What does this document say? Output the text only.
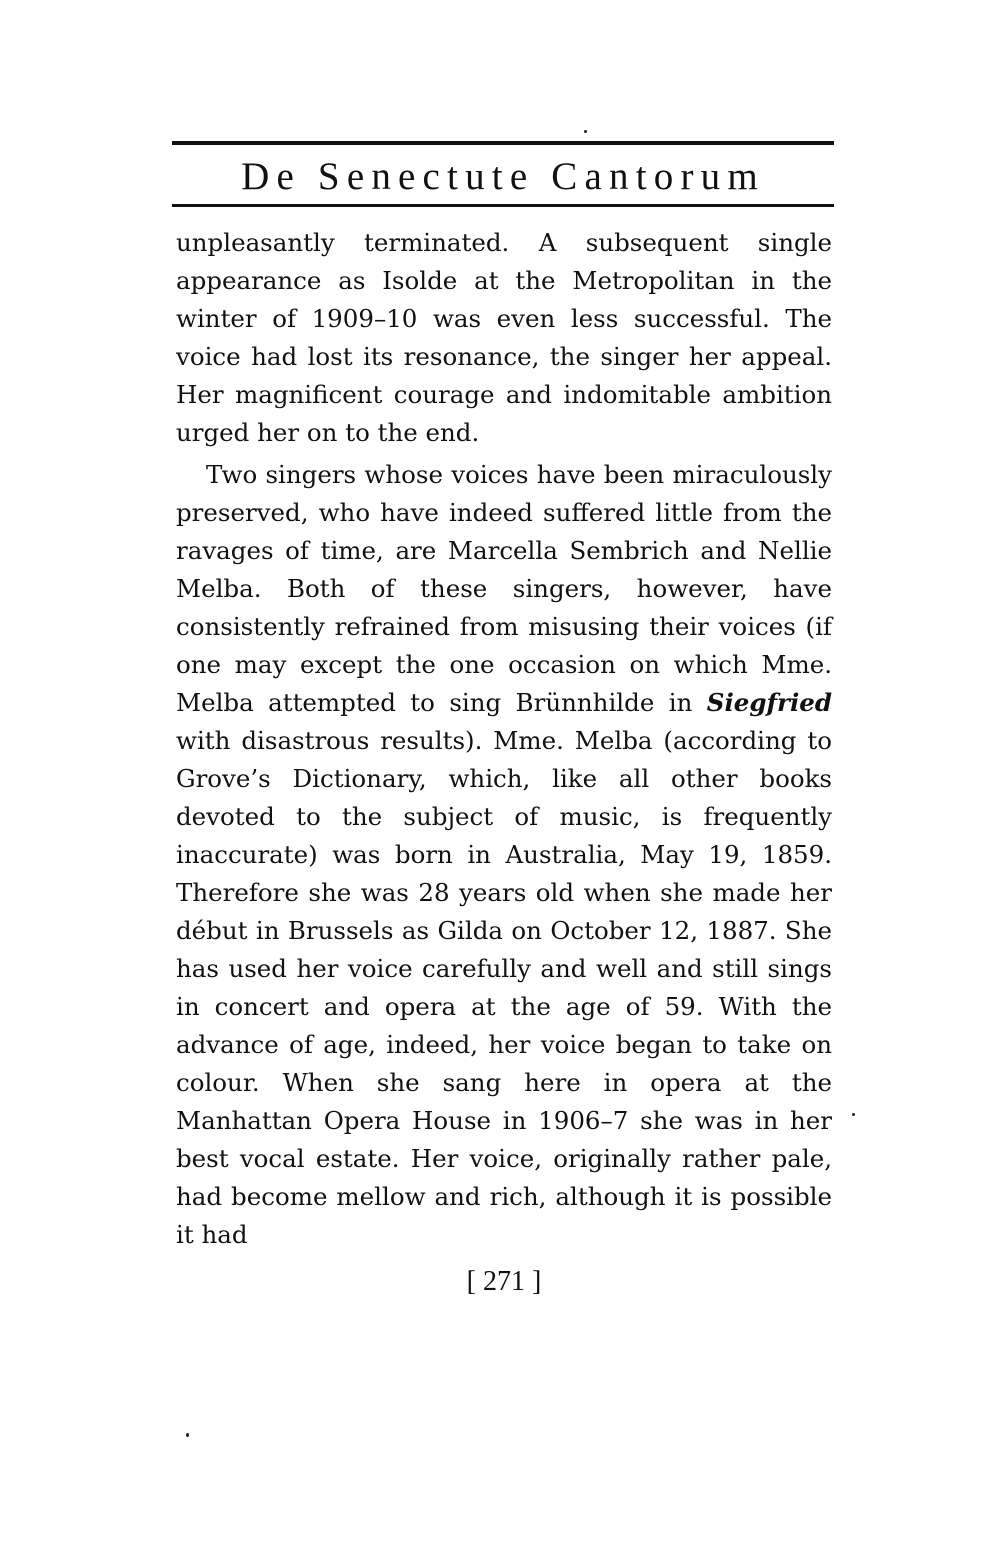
De Senectute Cantorum

unpleasantly terminated. A subsequent single appearance as Isolde at the Metropolitan in the winter of 1909–10 was even less successful. The voice had lost its resonance, the singer her appeal. Her magnificent courage and indomitable ambition urged her on to the end.

Two singers whose voices have been miraculously preserved, who have indeed suffered little from the ravages of time, are Marcella Sembrich and Nellie Melba. Both of these singers, however, have consistently refrained from misusing their voices (if one may except the one occasion on which Mme. Melba attempted to sing Brünnhilde in Siegfried with disastrous results). Mme. Melba (according to Grove’s Dictionary, which, like all other books devoted to the subject of music, is frequently inaccurate) was born in Australia, May 19, 1859. Therefore she was 28 years old when she made her début in Brussels as Gilda on October 12, 1887. She has used her voice carefully and well and still sings in concert and opera at the age of 59. With the advance of age, indeed, her voice began to take on colour. When she sang here in opera at the Manhattan Opera House in 1906–7 she was in her best vocal estate. Her voice, originally rather pale, had become mellow and rich, although it is possible it had

[ 271 ]
